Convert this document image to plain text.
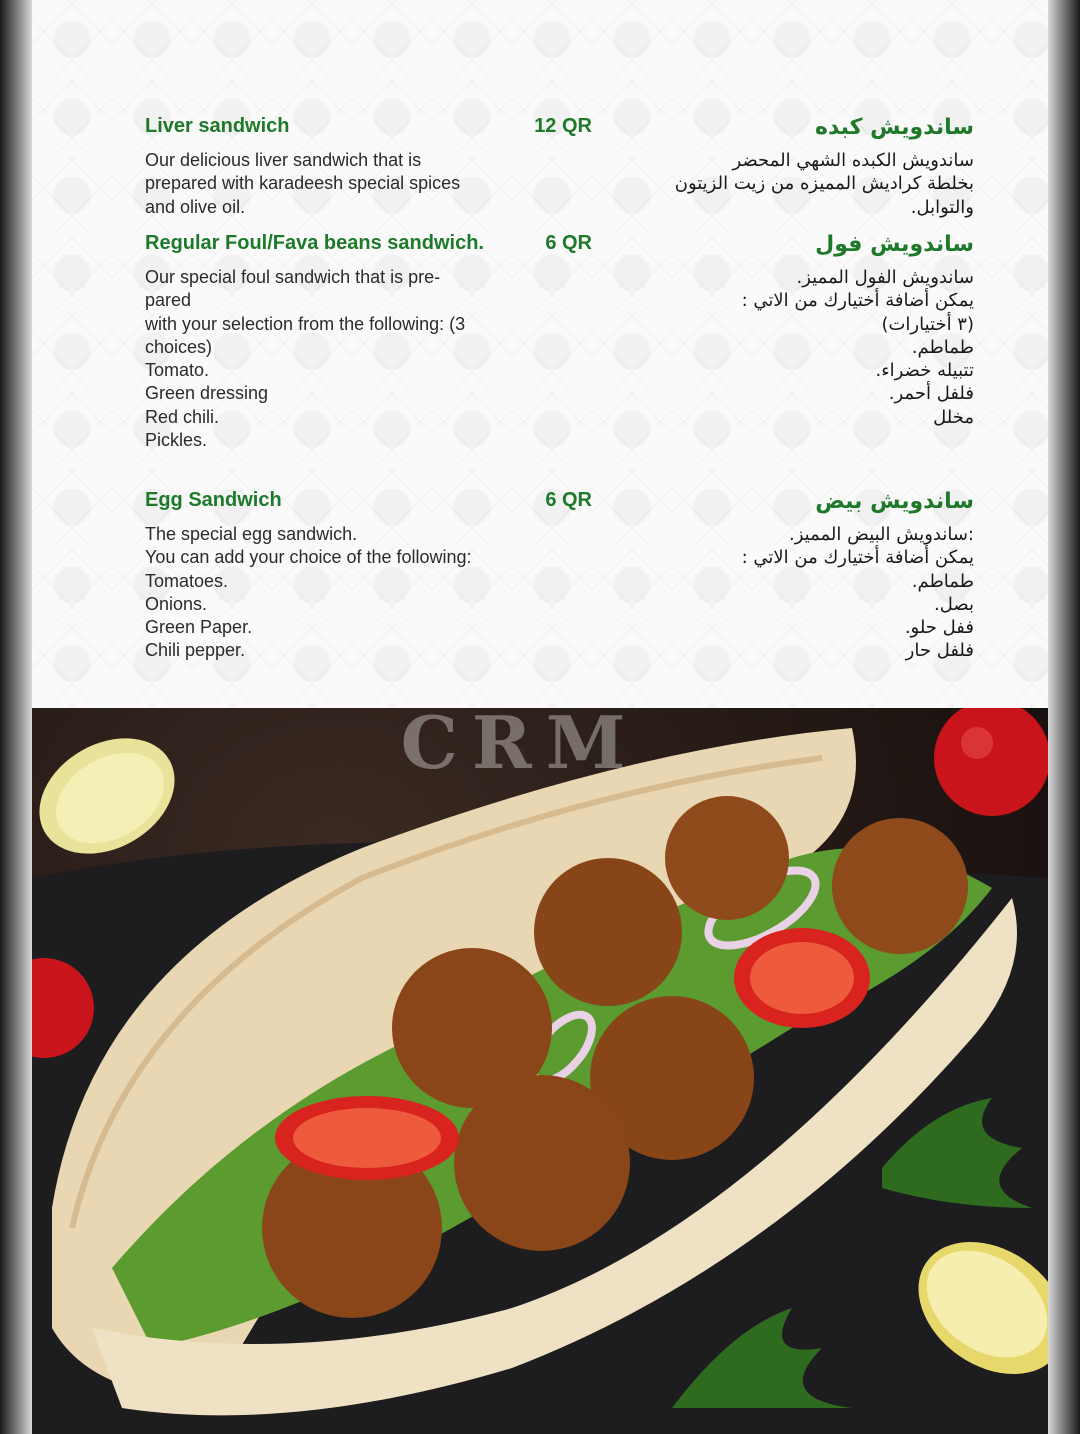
Liver sandwich	12 QR	ساندويش كبده
Our delicious liver sandwich that is
prepared with karadeesh special spices
and olive oil.
ساندويش الكبده الشهي المحضر
بخلطة كراديش المميزه من زيت الزيتون
والتوابل.
Regular Foul/Fava beans sandwich.	6 QR	ساندويش فول
Our special foul sandwich that is pre-
pared
with your selection from the following: (3
choices)
Tomato.
Green dressing
Red chili.
Pickles.
ساندويش الفول المميز.
يمكن أضافة أختيارك من الاتي :
(٣ أختيارات)
طماطم.
تتبيله خضراء.
فلفل أحمر.
مخلل
Egg Sandwich	6 QR	ساندويش بيض
The special egg sandwich.
You can add your choice of the following:
Tomatoes.
Onions.
Green Paper.
Chili pepper.
:ساندويش البيض المميز.
يمكن أضافة أختيارك من الاتي :
طماطم.
بصل.
ففل حلو.
فلفل حار
CRM
